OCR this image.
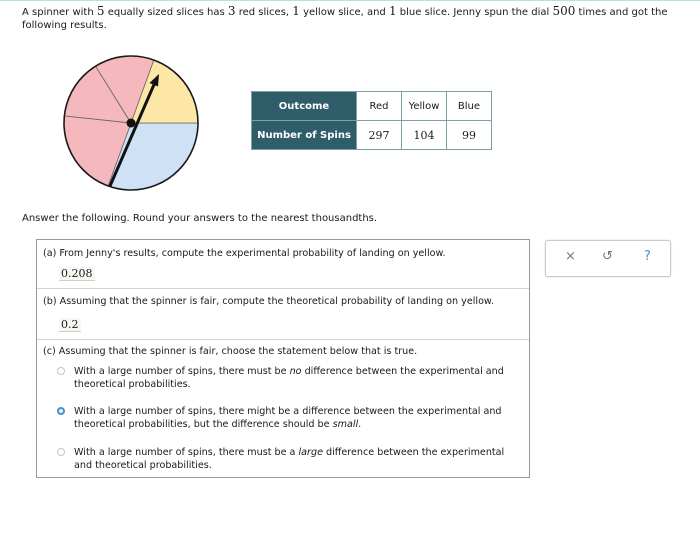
A spinner with 5 equally sized slices has 3 red slices, 1 yellow slice, and 1 blue slice. Jenny spun the dial 500 times and got the following results.
Outcome	Red	Yellow	Blue
Number of Spins	297	104	99
Answer the following. Round your answers to the nearest thousandths.
(a) From Jenny's results, compute the experimental probability of landing on yellow.
0.208
(b) Assuming that the spinner is fair, compute the theoretical probability of landing on yellow.
0.2
(c) Assuming that the spinner is fair, choose the statement below that is true.
With a large number of spins, there must be no difference between the experimental and theoretical probabilities.
With a large number of spins, there might be a difference between the experimental and theoretical probabilities, but the difference should be small.
With a large number of spins, there must be a large difference between the experimental and theoretical probabilities.
× ↺ ?
